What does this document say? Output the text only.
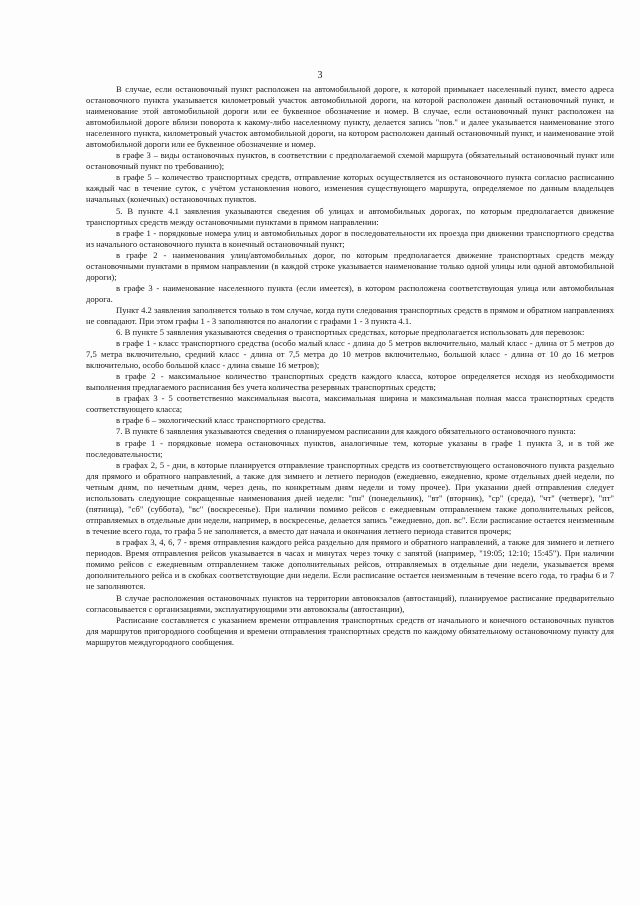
3

В случае, если остановочный пункт расположен на автомобильной дороге, к которой примыкает населенный пункт, вместо адреса остановочного пункта указывается километровый участок автомобильной дороги, на которой расположен данный остановочный пункт, и наименование этой автомобильной дороги или ее буквенное обозначение и номер. В случае, если остановочный пункт расположен на автомобильной дороге вблизи поворота к какому-либо населенному пункту, делается запись "пов." и далее указывается наименование этого населенного пункта, километровый участок автомобильной дороги, на котором расположен данный остановочный пункт, и наименование этой автомобильной дороги или ее буквенное обозначение и номер.

в графе 3 – виды остановочных пунктов, в соответствии с предполагаемой схемой маршрута (обязательный остановочный пункт или остановочный пункт по требованию);

в графе 5 – количество транспортных средств, отправление которых осуществляется из остановочного пункта согласно расписанию каждый час в течение суток, с учётом установления нового, изменения существующего маршрута, определяемое по данным владельцев начальных (конечных) остановочных пунктов.

5. В пункте 4.1 заявления указываются сведения об улицах и автомобильных дорогах, по которым предполагается движение транспортных средств между остановочными пунктами в прямом направлении:

в графе 1 - порядковые номера улиц и автомобильных дорог в последовательности их проезда при движении транспортного средства из начального остановочного пункта в конечный остановочный пункт;

в графе 2 - наименования улиц/автомобильных дорог, по которым предполагается движение транспортных средств между остановочными пунктами в прямом направлении (в каждой строке указывается наименование только одной улицы или одной автомобильной дороги);

в графе 3 - наименование населенного пункта (если имеется), в котором расположена соответствующая улица или автомобильная дорога.

Пункт 4.2 заявления заполняется только в том случае, когда пути следования транспортных средств в прямом и обратном направлениях не совпадают. При этом графы 1 - 3 заполняются по аналогии с графами 1 - 3 пункта 4.1.

6. В пункте 5 заявления указываются сведения о транспортных средствах, которые предполагается использовать для перевозок:

в графе 1 - класс транспортного средства (особо малый класс - длина до 5 метров включительно, малый класс - длина от 5 метров до 7,5 метра включительно, средний класс - длина от 7,5 метра до 10 метров включительно, большой класс - длина от 10 до 16 метров включительно, особо большой класс - длина свыше 16 метров);

в графе 2 - максимальное количество транспортных средств каждого класса, которое определяется исходя из необходимости выполнения предлагаемого расписания без учета количества резервных транспортных средств;

в графах 3 - 5 соответственно максимальная высота, максимальная ширина и максимальная полная масса транспортных средств соответствующего класса;

в графе 6 – экологический класс транспортного средства.

7. В пункте 6 заявления указываются сведения о планируемом расписании для каждого обязательного остановочного пункта:

в графе 1 - порядковые номера остановочных пунктов, аналогичные тем, которые указаны в графе 1 пункта 3, и в той же последовательности;

в графах 2, 5 - дни, в которые планируется отправление транспортных средств из соответствующего остановочного пункта раздельно для прямого и обратного направлений, а также для зимнего и летнего периодов (ежедневно, ежедневно, кроме отдельных дней недели, по четным дням, по нечетным дням, через день, по конкретным дням недели и тому прочее). При указании дней отправления следует использовать следующие сокращенные наименования дней недели: "пн" (понедельник), "вт" (вторник), "ср" (среда), "чт" (четверг), "пт" (пятница), "сб" (суббота), "вс" (воскресенье). При наличии помимо рейсов с ежедневным отправлением также дополнительных рейсов, отправляемых в отдельные дни недели, например, в воскресенье, делается запись "ежедневно, доп. вс". Если расписание остается неизменным в течение всего года, то графа 5 не заполняется, а вместо дат начала и окончания летнего периода ставится прочерк;

в графах 3, 4, 6, 7 - время отправления каждого рейса раздельно для прямого и обратного направлений, а также для зимнего и летнего периодов. Время отправления рейсов указывается в часах и минутах через точку с запятой (например, "19:05; 12:10; 15:45"). При наличии помимо рейсов с ежедневным отправлением также дополнительных рейсов, отправляемых в отдельные дни недели, указывается время дополнительного рейса и в скобках соответствующие дни недели. Если расписание остается неизменным в течение всего года, то графы 6 и 7 не заполняются.

В случае расположения остановочных пунктов на территории автовокзалов (автостанций), планируемое расписание предварительно согласовывается с организациями, эксплуатирующими эти автовокзалы (автостанции),

Расписание составляется с указанием времени отправления транспортных средств от начального и конечного остановочных пунктов для маршрутов пригородного сообщения и времени отправления транспортных средств по каждому обязательному остановочному пункту для маршрутов междугородного сообщения.
